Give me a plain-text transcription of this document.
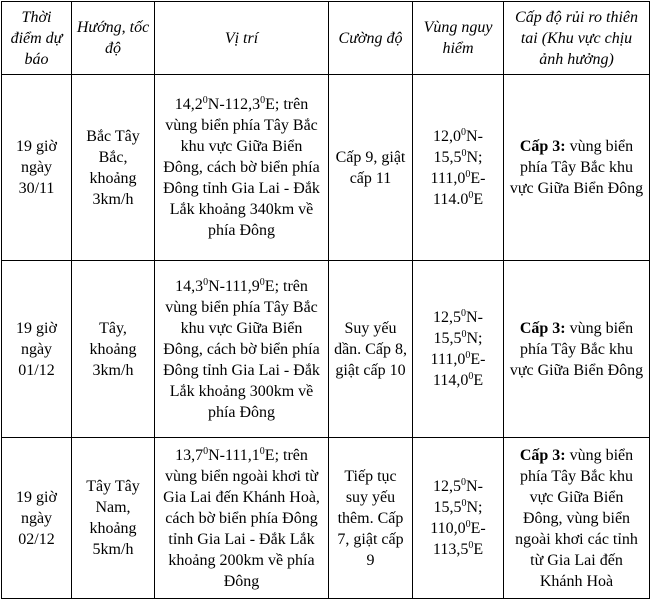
Thời điểm dự báo	Hướng, tốc độ	Vị trí	Cường độ	Vùng nguy hiểm	Cấp độ rủi ro thiên tai (Khu vực chịu ảnh hưởng)
19 giờ ngày 30/11	Bắc Tây Bắc, khoảng 3km/h	14,2$^0$N-112,3$^0$E; trên vùng biển phía Tây Bắc khu vực Giữa Biển Đông, cách bờ biển phía Đông tỉnh Gia Lai - Đắk Lắk khoảng 340km về phía Đông	Cấp 9, giật cấp 11	12,0$^0$N-15,5$^0$N; 111,0$^0$E-114.0$^0$E	Cấp 3: vùng biển phía Tây Bắc khu vực Giữa Biển Đông
19 giờ ngày 01/12	Tây, khoảng 3km/h	14,3$^0$N-111,9$^0$E; trên vùng biển phía Tây Bắc khu vực Giữa Biển Đông, cách bờ biển phía Đông tỉnh Gia Lai - Đắk Lắk khoảng 300km về phía Đông	Suy yếu dần. Cấp 8, giật cấp 10	12,5$^0$N-15,5$^0$N; 111,0$^0$E-114,0$^0$E	Cấp 3: vùng biển phía Tây Bắc khu vực Giữa Biển Đông
19 giờ ngày 02/12	Tây Tây Nam, khoảng 5km/h	13,7$^0$N-111,1$^0$E; trên vùng biển ngoài khơi từ Gia Lai đến Khánh Hoà, cách bờ biển phía Đông tỉnh Gia Lai - Đắk Lắk khoảng 200km về phía Đông	Tiếp tục suy yếu thêm. Cấp 7, giật cấp 9	12,5$^0$N-15,5$^0$N; 110,0$^0$E-113,5$^0$E	Cấp 3: vùng biển phía Tây Bắc khu vực Giữa Biển Đông, vùng biển ngoài khơi các tỉnh từ Gia Lai đến Khánh Hoà
